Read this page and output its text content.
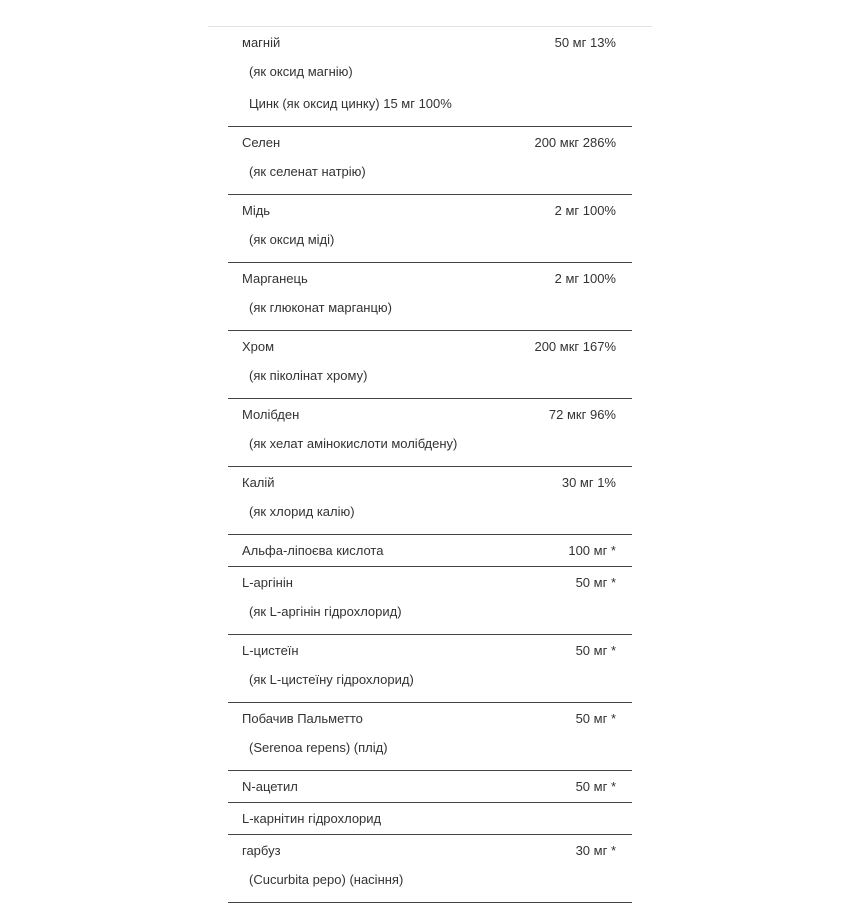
магній	50 мг 13%
(як оксид магнію)
Цинк (як оксид цинку) 15 мг 100%
Селен	200 мкг 286%
(як селенат натрію)
Мідь	2 мг 100%
(як оксид міді)
Марганець	2 мг 100%
(як глюконат марганцю)
Хром	200 мкг 167%
(як пiколінат хрому)
Молібден	72 мкг 96%
(як хелат амінокислоти молібдену)
Калій	30 мг 1%
(як хлорид калію)
Альфа-ліпоєва кислота	100 мг *
L-аргінін	50 мг *
(як L-аргінін гідрохлорид)
L-цистеїн	50 мг *
(як L-цистеїну гідрохлорид)
Побачив Пальметто	50 мг *
(Serenoa repens) (плід)
N-ацетил	50 мг *
L-карнітин гідрохлорид
гарбуз	30 мг *
(Cucurbita pepo) (насіння)
